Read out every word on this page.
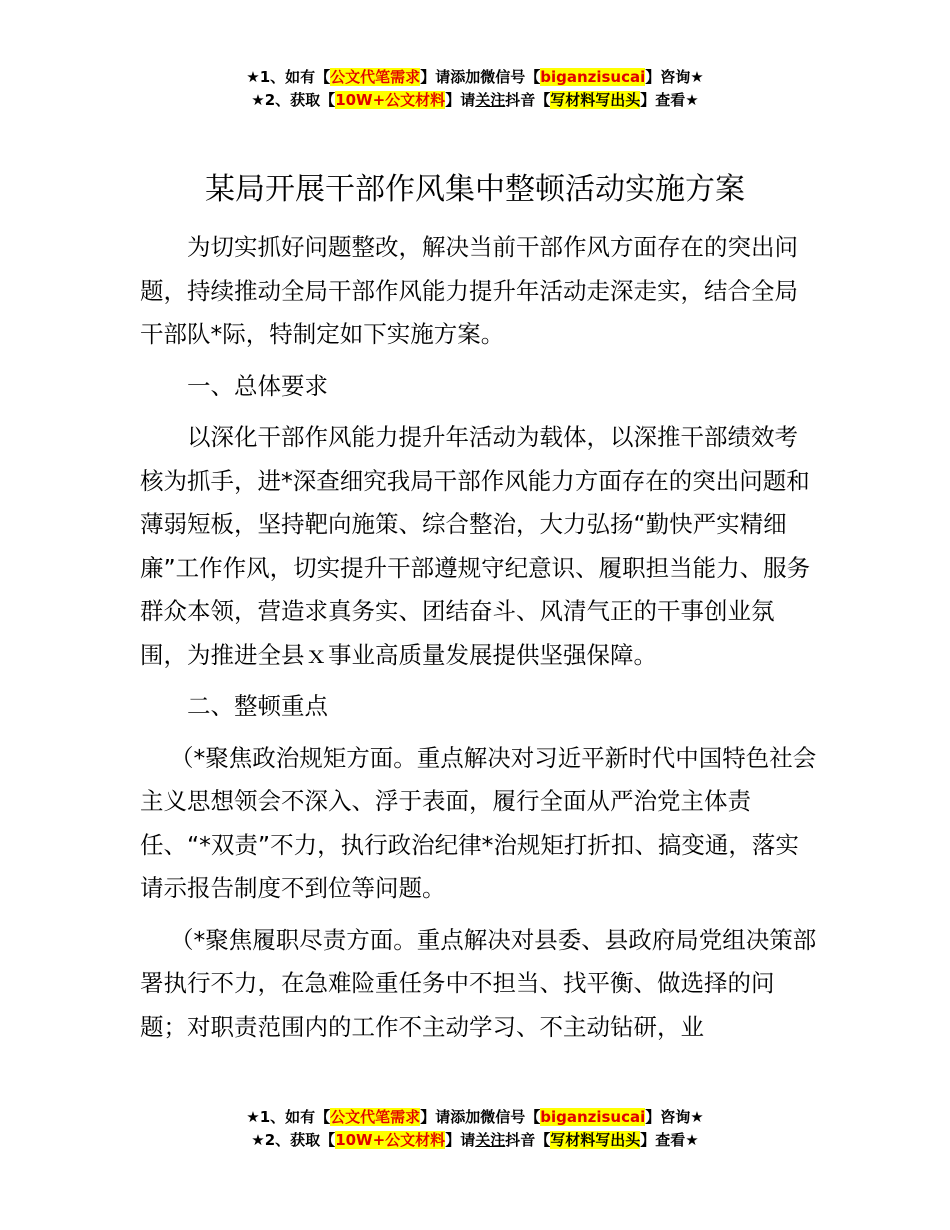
★1、如有【公文代笔需求】请添加微信号【biganzisucai】咨询★
★2、获取【10W+公文材料】请关注抖音【写材料写出头】查看★
某局开展干部作风集中整顿活动实施方案

为切实抓好问题整改，解决当前干部作风方面存在的突出问题，持续推动全局干部作风能力提升年活动走深走实，结合全局干部队*际，特制定如下实施方案。

一、总体要求

以深化干部作风能力提升年活动为载体，以深推干部绩效考核为抓手，进*深查细究我局干部作风能力方面存在的突出问题和薄弱短板，坚持靶向施策、综合整治，大力弘扬“勤快严实精细廉”工作作风，切实提升干部遵规守纪意识、履职担当能力、服务群众本领，营造求真务实、团结奋斗、风清气正的干事创业氛围，为推进全县ｘ事业高质量发展提供坚强保障。

二、整顿重点

（*聚焦政治规矩方面。重点解决对习近平新时代中国特色社会主义思想领会不深入、浮于表面，履行全面从严治党主体责任、“*双责”不力，执行政治纪律*治规矩打折扣、搞变通，落实请示报告制度不到位等问题。

（*聚焦履职尽责方面。重点解决对县委、县政府局党组决策部署执行不力，在急难险重任务中不担当、找平衡、做选择的问题；对职责范围内的工作不主动学习、不主动钻研，业

★1、如有【公文代笔需求】请添加微信号【biganzisucai】咨询★
★2、获取【10W+公文材料】请关注抖音【写材料写出头】查看★
